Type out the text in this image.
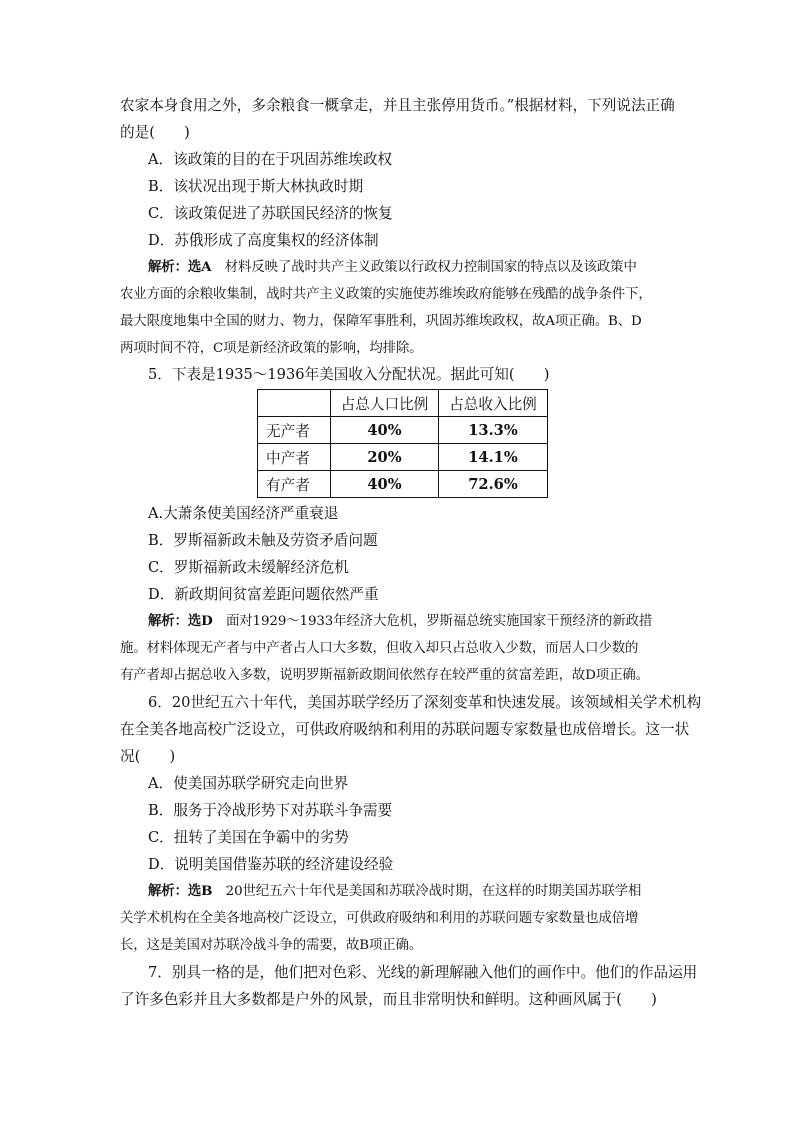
农家本身食用之外，多余粮食一概拿走，并且主张停用货币。”根据材料，下列说法正确
的是(　　)
A．该政策的目的在于巩固苏维埃政权
B．该状况出现于斯大林执政时期
C．该政策促进了苏联国民经济的恢复
D．苏俄形成了高度集权的经济体制
解析：选A　材料反映了战时共产主义政策以行政权力控制国家的特点以及该政策中
农业方面的余粮收集制，战时共产主义政策的实施使苏维埃政府能够在残酷的战争条件下，
最大限度地集中全国的财力、物力，保障军事胜利，巩固苏维埃政权，故A项正确。B、D
两项时间不符，C项是新经济政策的影响，均排除。
5．下表是1935～1936年美国收入分配状况。据此可知(　　)
	占总人口比例	占总收入比例
无产者	40%	13.3%
中产者	20%	14.1%
有产者	40%	72.6%
A.大萧条使美国经济严重衰退
B．罗斯福新政未触及劳资矛盾问题
C．罗斯福新政未缓解经济危机
D．新政期间贫富差距问题依然严重
解析：选D　面对1929～1933年经济大危机，罗斯福总统实施国家干预经济的新政措
施。材料体现无产者与中产者占人口大多数，但收入却只占总收入少数，而居人口少数的
有产者却占据总收入多数，说明罗斯福新政期间依然存在较严重的贫富差距，故D项正确。
6．20世纪五六十年代，美国苏联学经历了深刻变革和快速发展。该领域相关学术机构
在全美各地高校广泛设立，可供政府吸纳和利用的苏联问题专家数量也成倍增长。这一状
况(　　)
A．使美国苏联学研究走向世界
B．服务于冷战形势下对苏联斗争需要
C．扭转了美国在争霸中的劣势
D．说明美国借鉴苏联的经济建设经验
解析：选B　20世纪五六十年代是美国和苏联冷战时期，在这样的时期美国苏联学相
关学术机构在全美各地高校广泛设立，可供政府吸纳和利用的苏联问题专家数量也成倍增
长，这是美国对苏联冷战斗争的需要，故B项正确。
7．别具一格的是，他们把对色彩、光线的新理解融入他们的画作中。他们的作品运用
了许多色彩并且大多数都是户外的风景，而且非常明快和鲜明。这种画风属于(　　)
